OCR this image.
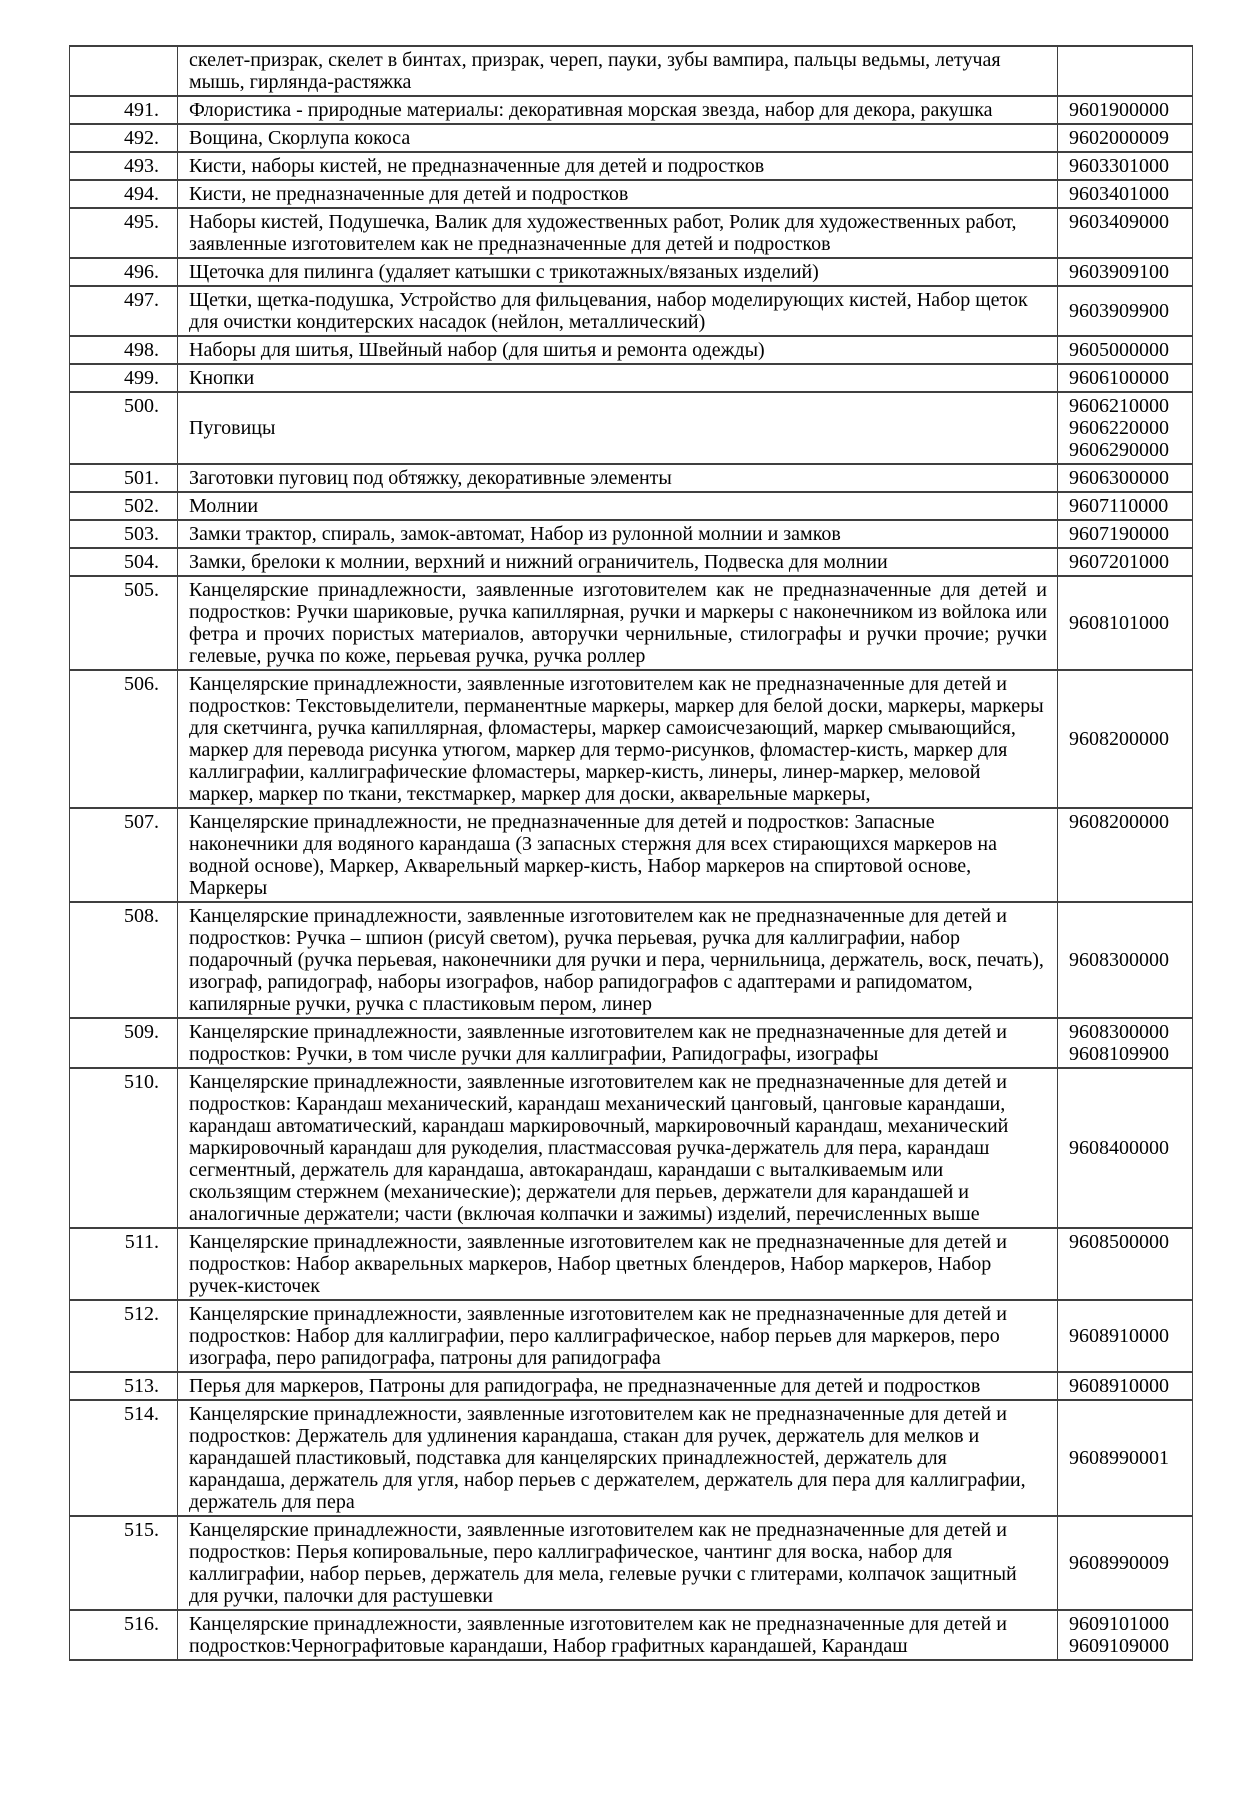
	скелет-призрак, скелет в бинтах, призрак, череп, пауки, зубы вампира, пальцы ведьмы, летучая мышь, гирлянда-растяжка	
491.	Флористика - природные материалы: декоративная морская звезда, набор для декора, ракушка	9601900000

492.	Вощина, Скорлупа кокоса	9602000009

493.	Кисти, наборы кистей, не предназначенные для детей и подростков	9603301000

494.	Кисти, не предназначенные для детей и подростков	9603401000

495.	Наборы кистей, Подушечка, Валик для художественных работ, Ролик для художественных работ, заявленные изготовителем как не предназначенные для детей и подростков	9603409000

496.	Щеточка для пилинга (удаляет катышки с трикотажных/вязаных изделий)	9603909100

497.	Щетки, щетка-подушка, Устройство для фильцевания, набор моделирующих кистей, Набор щеток для очистки кондитерских насадок (нейлон, металлический)	9603909900

498.	Наборы для шитья, Швейный набор (для шитья и ремонта одежды)	9605000000

499.	Кнопки	9606100000

500.	Пуговицы	9606210000
9606220000
9606290000

501.	Заготовки пуговиц под обтяжку, декоративные элементы	9606300000

502.	Молнии	9607110000

503.	Замки трактор, спираль, замок-автомат, Набор из рулонной молнии и замков	9607190000

504.	Замки, брелоки к молнии, верхний и нижний ограничитель, Подвеска для молнии	9607201000

505.	Канцелярские принадлежности, заявленные изготовителем как не предназначенные для детей и подростков: Ручки шариковые, ручка капиллярная, ручки и маркеры с наконечником из войлока или фетра и прочих пористых материалов, авторучки чернильные, стилографы и ручки прочие; ручки гелевые, ручка по коже, перьевая ручка, ручка роллер	9608101000

506.	Канцелярские принадлежности, заявленные изготовителем как не предназначенные для детей и подростков: Текстовыделители, перманентные маркеры, маркер для белой доски, маркеры, маркеры для скетчинга, ручка капиллярная, фломастеры, маркер самоисчезающий, маркер смывающийся, маркер для перевода рисунка утюгом, маркер для термо-рисунков, фломастер-кисть, маркер для каллиграфии, каллиграфические фломастеры, маркер-кисть, линеры, линер-маркер, меловой маркер, маркер по ткани, текстмаркер, маркер для доски, акварельные маркеры,	9608200000

507.	Канцелярские принадлежности, не предназначенные для детей и подростков: Запасные наконечники для водяного карандаша (3 запасных стержня для всех стирающихся маркеров на водной основе), Маркер, Акварельный маркер-кисть, Набор маркеров на спиртовой основе, Маркеры	9608200000

508.	Канцелярские принадлежности, заявленные изготовителем как не предназначенные для детей и подростков: Ручка – шпион (рисуй светом), ручка перьевая, ручка для каллиграфии, набор подарочный (ручка перьевая, наконечники для ручки и пера, чернильница, держатель, воск, печать), изограф, рапидограф, наборы изографов, набор рапидографов с адаптерами и рапидоматом, капилярные ручки, ручка с пластиковым пером, линер	9608300000

509.	Канцелярские принадлежности, заявленные изготовителем как не предназначенные для детей и подростков: Ручки, в том числе ручки для каллиграфии, Рапидографы, изографы	9608300000
9608109900

510.	Канцелярские принадлежности, заявленные изготовителем как не предназначенные для детей и подростков: Карандаш механический, карандаш механический цанговый, цанговые карандаши, карандаш автоматический, карандаш маркировочный, маркировочный карандаш, механический маркировочный карандаш для рукоделия, пластмассовая ручка-держатель для пера, карандаш сегментный, держатель для карандаша, автокарандаш, карандаши с выталкиваемым или скользящим стержнем (механические); держатели для перьев, держатели для карандашей и аналогичные держатели; части (включая колпачки и зажимы) изделий, перечисленных выше	9608400000

511.	Канцелярские принадлежности, заявленные изготовителем как не предназначенные для детей и подростков: Набор акварельных маркеров, Набор цветных блендеров, Набор маркеров, Набор ручек-кисточек	9608500000

512.	Канцелярские принадлежности, заявленные изготовителем как не предназначенные для детей и подростков: Набор для каллиграфии, перо каллиграфическое, набор перьев для маркеров, перо изографа, перо рапидографа, патроны для рапидографа	9608910000

513.	Перья для маркеров, Патроны для рапидографа, не предназначенные для детей и подростков	9608910000

514.	Канцелярские принадлежности, заявленные изготовителем как не предназначенные для детей и подростков: Держатель для удлинения карандаша, стакан для ручек, держатель для мелков и карандашей пластиковый, подставка для канцелярских принадлежностей, держатель для карандаша, держатель для угля, набор перьев с держателем, держатель для пера для каллиграфии, держатель для пера	9608990001

515.	Канцелярские принадлежности, заявленные изготовителем как не предназначенные для детей и подростков: Перья копировальные, перо каллиграфическое, чантинг для воска, набор для каллиграфии, набор перьев, держатель для мела, гелевые ручки с глитерами, колпачок защитный для ручки, палочки для растушевки	9608990009

516.	Канцелярские принадлежности, заявленные изготовителем как не предназначенные для детей и подростков:Чернографитовые карандаши, Набор графитных карандашей, Карандаш	9609101000
9609109000
